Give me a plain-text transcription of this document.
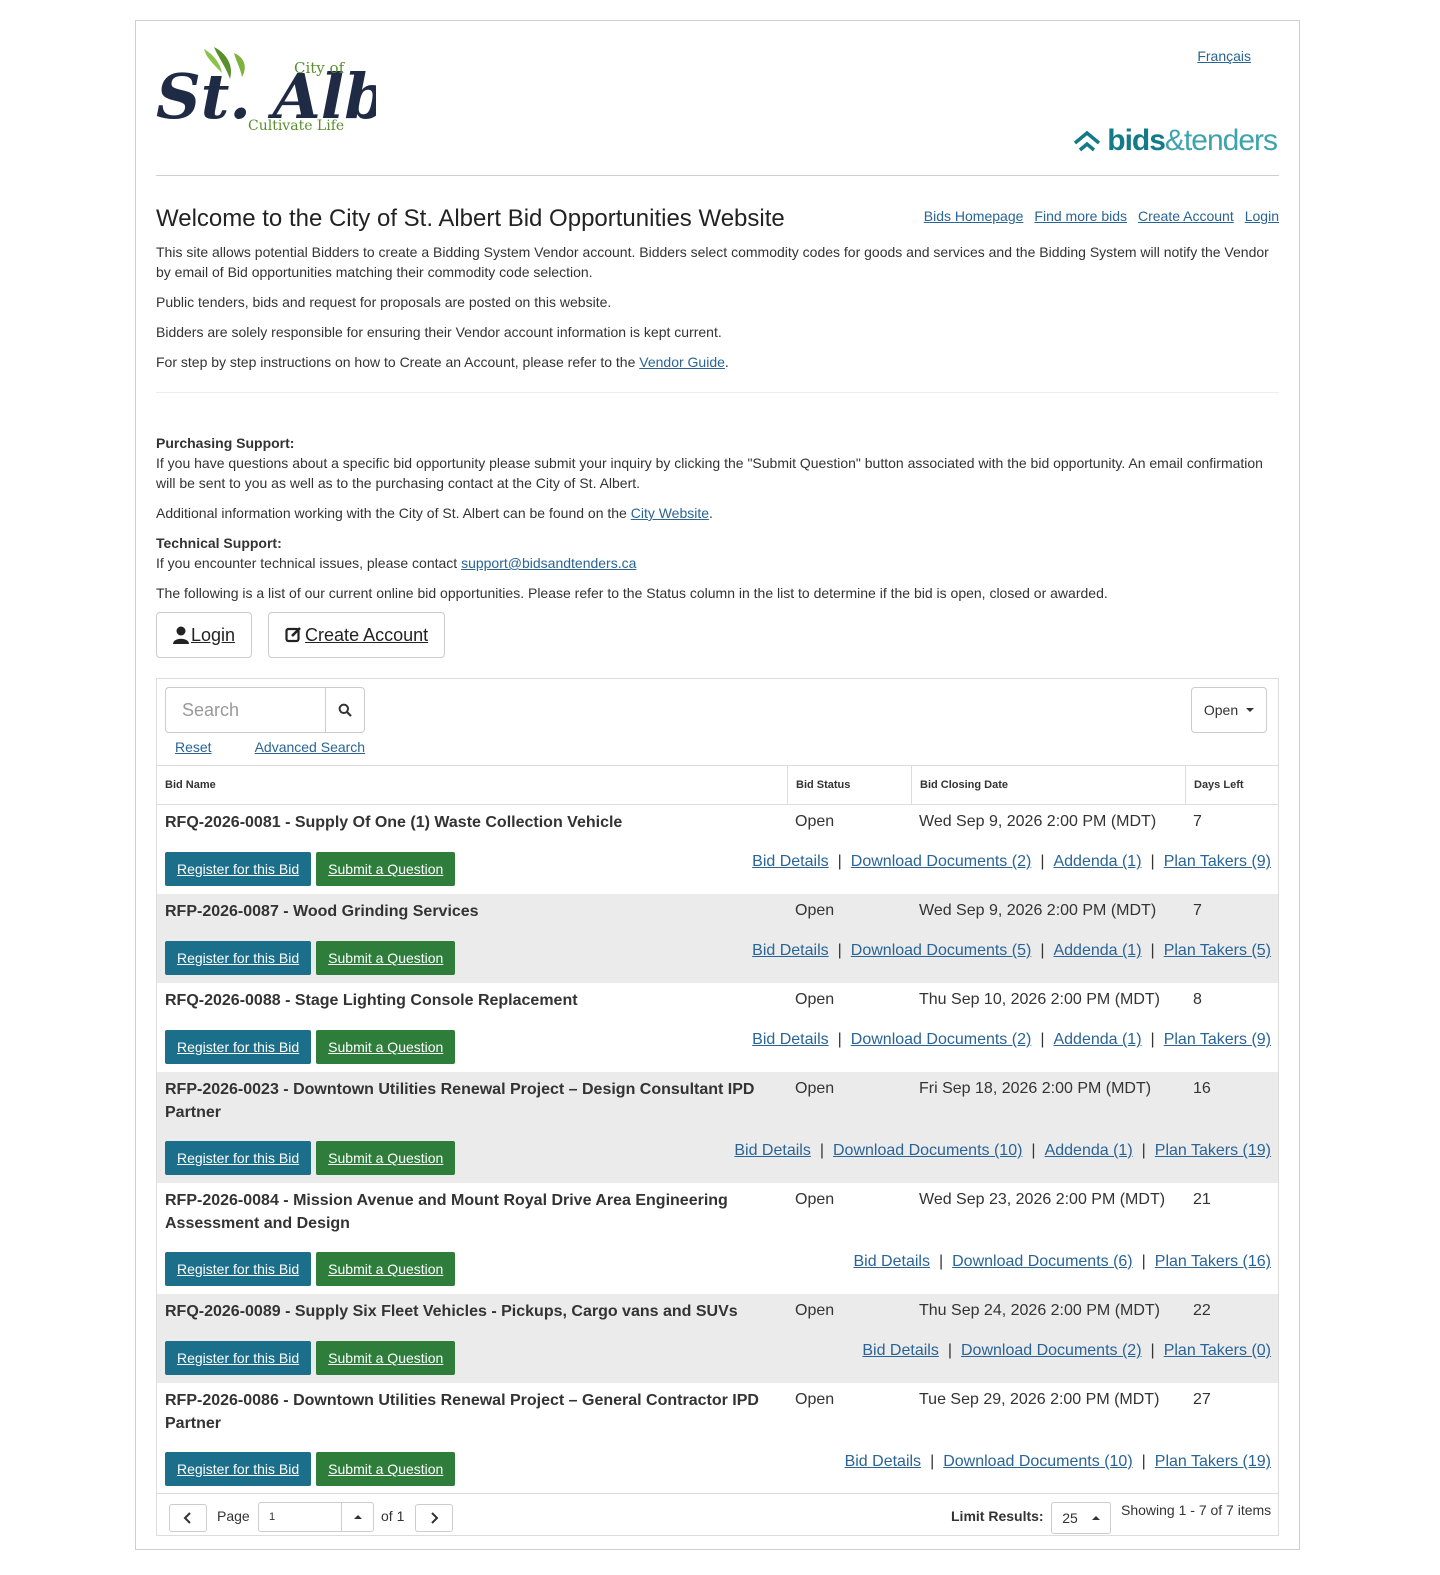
St. Al
City of
Cultivate Life
Français
bids&tenders
Welcome to the City of St. Albert Bid Opportunities Website	Bids Homepage Find more bids Create Account Login

This site allows potential Bidders to create a Bidding System Vendor account. Bidders select commodity codes for goods and services and the Bidding System will notify the Vendor by email of Bid opportunities matching their commodity code selection.

Public tenders, bids and request for proposals are posted on this website.

Bidders are solely responsible for ensuring their Vendor account information is kept current.

For step by step instructions on how to Create an Account, please refer to the Vendor Guide.

Purchasing Support:
If you have questions about a specific bid opportunity please submit your inquiry by clicking the "Submit Question" button associated with the bid opportunity. An email confirmation will be sent to you as well as to the purchasing contact at the City of St. Albert.

Additional information working with the City of St. Albert can be found on the City Website.

Technical Support:
If you encounter technical issues, please contact support@bidsandtenders.ca

The following is a list of our current online bid opportunities. Please refer to the Status column in the list to determine if the bid is open, closed or awarded.

Login	Create Account
Search
Reset	Advanced Search
Open
Bid Name	Bid Status	Bid Closing Date	Days Left
RFQ-2026-0081 - Supply Of One (1) Waste Collection Vehicle	Open	Wed Sep 9, 2026 2:00 PM (MDT) 7
Register for this Bid Submit a Question	Bid Details | Download Documents (2) | Addenda (1) | Plan Takers (9)
RFP-2026-0087 - Wood Grinding Services	Open	Wed Sep 9, 2026 2:00 PM (MDT) 7
Register for this Bid Submit a Question	Bid Details | Download Documents (5) | Addenda (1) | Plan Takers (5)
RFQ-2026-0088 - Stage Lighting Console Replacement	Open	Thu Sep 10, 2026 2:00 PM (MDT) 8
Register for this Bid Submit a Question	Bid Details | Download Documents (2) | Addenda (1) | Plan Takers (9)
RFP-2026-0023 - Downtown Utilities Renewal Project – Design Consultant IPD Partner
Open	Fri Sep 18, 2026 2:00 PM (MDT)	16
Register for this Bid Submit a Question	Bid Details | Download Documents (10) | Addenda (1) | Plan Takers (19)
RFP-2026-0084 - Mission Avenue and Mount Royal Drive Area Engineering Assessment and Design
Open	Wed Sep 23, 2026 2:00 PM (MDT) 21
Register for this Bid Submit a Question	Bid Details | Download Documents (6) | Plan Takers (16)
RFQ-2026-0089 - Supply Six Fleet Vehicles - Pickups, Cargo vans and SUVs	Open	Thu Sep 24, 2026 2:00 PM (MDT) 22
Register for this Bid Submit a Question	Bid Details | Download Documents (2) | Plan Takers (0)
RFP-2026-0086 - Downtown Utilities Renewal Project – General Contractor IPD Partner
Open	Tue Sep 29, 2026 2:00 PM (MDT) 27
Register for this Bid Submit a Question	Bid Details | Download Documents (10) | Plan Takers (19)
Page 1	of 1	Limit Results: 25	Showing 1 - 7 of 7 items
